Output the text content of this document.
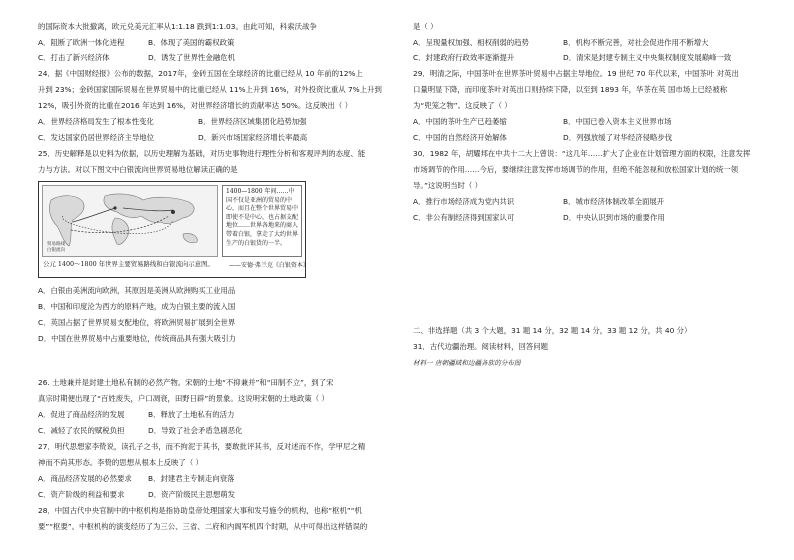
的国际资本大批撤离，欧元兑美元汇率从1:1.18 跌到1:1.03。由此可知，科索沃战争
A．阻断了欧洲一体化进程	B．体现了美国的霸权政策
C．打击了新兴经济体	D．诱发了世界性金融危机
24．据《中国财经报》公布的数据，2017年，金砖五国在全球经济的比重已经从 10 年前的12%上
升到 23%；金砖国家国际贸易在世界贸易中的比重已经从 11%上升到 16%，对外投资比重从 7%上升到
12%，吸引外资的比重在2016 年达到 16%，对世界经济增长的贡献率达 50%。这反映出（ ）
A．世界经济格局发生了根本性变化	B．世界经济区域集团化趋势加强
C．发达国家仍居世界经济主导地位	D．新兴市场国家经济增长率最高
25．历史解释是以史料为依据，以历史理解为基础，对历史事物进行理性分析和客观评判的态度、能
力与方法。对以下图文中白银流向世界贸易地位解读正确的是
贸易路线
白银流向
1400—1800 年间……中国不仅是亚洲的贸易的中心，而且在整个世界贸易中即使不是中心，也占据支配地位……世界各地来的商人带着白银，拿走了大约世界生产的白银货的一半。
公元 1400～1800 年世界主要贸易路线和白银流向示意图。	——安德·弗兰克《白银资本》
A．白银由美洲流向欧洲，其原因是美洲从欧洲购买工业用品
B．中国和印度沦为西方的原料产地，成为白银主要的流入国
C．英国占据了世界贸易支配地位，将欧洲贸易扩展到全世界
D．中国在世界贸易中占重要地位，传统商品具有强大吸引力
26. 土地兼并是封建土地私有制的必然产物。宋朝的土地“不抑兼并”和“田制不立”，到了宋
真宗时期便出现了“百姓废失，户口凋衰，田野日辟”的景象。这说明宋朝的土地政策（ ）
A．促进了商品经济的发展	B．释放了土地私有的活力
C．减轻了农民的赋税负担	D．导致了社会矛盾急剧恶化
27．明代思想家李贽说，读孔子之书，而不拘泥于其书，要敢批评其书，反对述而不作，学甲尼之精
神而不尚其形态。李贽的思想从根本上反映了（ ）
A．商品经济发展的必然要求 B．封建君主专制走向衰落
C．资产阶级的利益和要求	D．资产阶级民主思想萌发
28．中国古代中央官制中的中枢机构是指协助皇帝处理国家大事和发号施令的机构，也称“枢机”“机
要”“枢要”。中枢机构的演变经历了为三公、三省、二府和内阁军机四个时期，从中可得出这样错误的
是（ ）
A．呈现量权加强、相权削弱的趋势	B．机构不断完善，对社会促进作用不断增大
C．封建政府行政效率逐渐提升	D．清宋是封建专制主义中央集权制度发展巅峰一致
29．明清之际，中国茶叶在世界茶叶贸易中占据主导地位。19 世纪 70 年代以来，中国茶叶 对英出
口量明显下降，而印度茶叶对英出口则持续下降，以至到 1893 年，华茶在英 国市场上已经被称
为“兜笼之物”。这反映了（ ）
A．中国的茶叶生产已趋萎缩	B．中国已卷入资本主义世界市场
C．中国的自然经济开始解体	D．列强放缓了对华经济侵略步伐
30．1982 年，胡耀邦在中共十二大上曾说：“这几年……扩大了企业在计划管理方面的权限，注意发挥
市场调节的作用……今后，要继续注意发挥市场调节的作用，但绝不能忽视和放松国家计划的统一领
导。”这说明当时（ ）
A．推行市场经济成为党内共识	B．城市经济体制改革全面展开
C．非公有制经济得到国家认可	D．中央认识到市场的重要作用
二、非选择题（共 3 个大题，31 题 14 分，32 题 14 分，33 题 12 分，共 40 分）
31．古代边疆治理。阅读材料，回答问题
材料一 唐朝疆域和边疆各族的分布图
